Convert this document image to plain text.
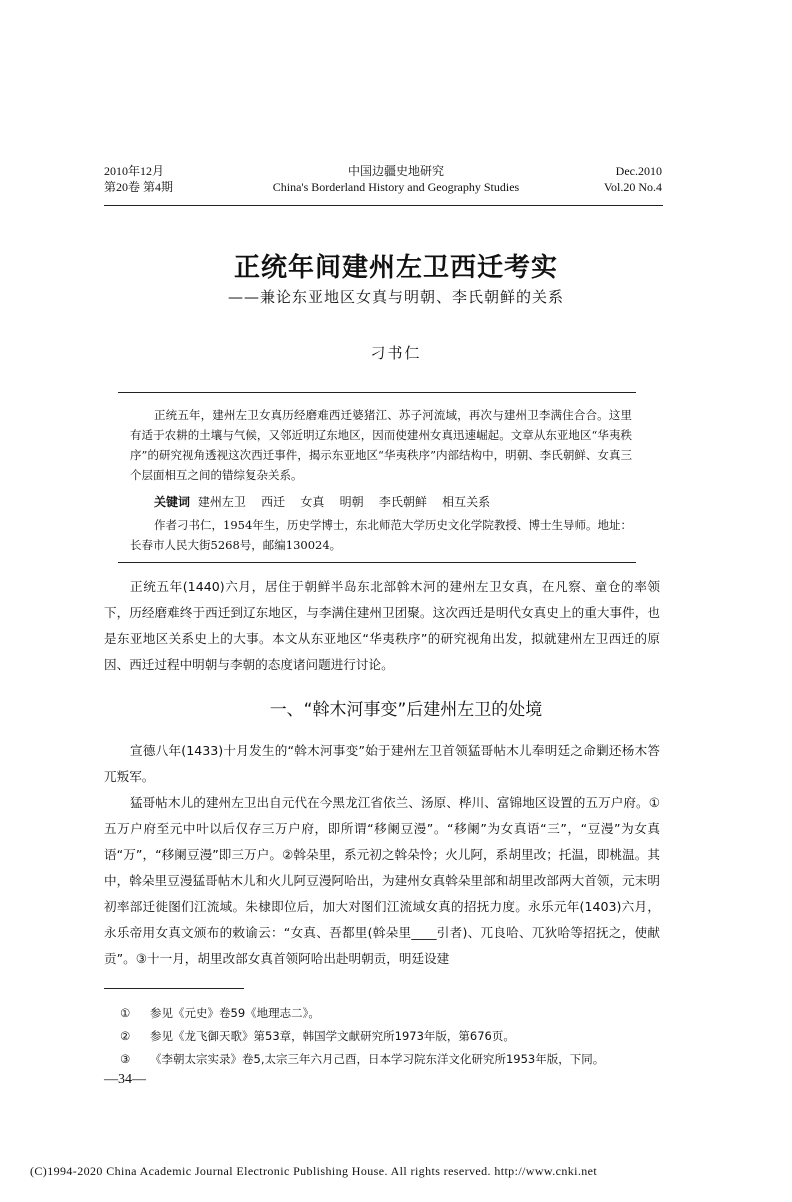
2010年12月
第20卷 第4期
中国边疆史地研究
China's Borderland History and Geography Studies
Dec.2010
Vol.20 No.4
正统年间建州左卫西迁考实
——兼论东亚地区女真与明朝、李氏朝鲜的关系
刁书仁
正统五年，建州左卫女真历经磨难西迁婆猪江、苏子河流域，再次与建州卫李满住合合。这里有适于农耕的土壤与气候，又邻近明辽东地区，因而使建州女真迅速崛起。文章从东亚地区“华夷秩序”的研究视角透视这次西迁事件，揭示东亚地区“华夷秩序”内部结构中，明朝、李氏朝鲜、女真三个层面相互之间的错综复杂关系。
关键词 建州左卫    西迁    女真    明朝    李氏朝鲜    相互关系
作者刁书仁，1954年生，历史学博士，东北师范大学历史文化学院教授、博士生导师。地址：长春市人民大街5268号，邮编130024。

正统五年(1440)六月，居住于朝鲜半岛东北部斡木河的建州左卫女真，在凡察、童仓的率领下，历经磨难终于西迁到辽东地区，与李满住建州卫团聚。这次西迁是明代女真史上的重大事件，也是东亚地区关系史上的大事。本文从东亚地区“华夷秩序”的研究视角出发，拟就建州左卫西迁的原因、西迁过程中明朝与李朝的态度诸问题进行讨论。

一、“斡木河事变”后建州左卫的处境

宣德八年(1433)十月发生的“斡木河事变”始于建州左卫首领猛哥帖木儿奉明廷之命剿还杨木答兀叛军。

猛哥帖木儿的建州左卫出自元代在今黑龙江省依兰、汤原、桦川、富锦地区设置的五万户府。①五万户府至元中叶以后仅存三万户府，即所谓“移阑豆漫”。“移阑”为女真语“三”，“豆漫”为女真语“万”，“移阑豆漫”即三万户。②斡朵里，系元初之斡朵怜；火儿阿，系胡里改；托温，即桃温。其中，斡朵里豆漫猛哥帖木儿和火儿阿豆漫阿哈出，为建州女真斡朵里部和胡里改部两大首领，元末明初率部迁徙图们江流域。朱棣即位后，加大对图们江流域女真的招抚力度。永乐元年(1403)六月，永乐帝用女真文颁布的敕谕云：“女真、吾都里(斡朵里____引者)、兀良哈、兀狄哈等招抚之，使献贡”。③十一月，胡里改部女真首领阿哈出赴明朝贡，明廷设建

① 参见《元史》卷59《地理志二》。
② 参见《龙飞御天歌》第53章，韩国学文献研究所1973年版，第676页。
③ 《李朝太宗实录》卷5,太宗三年六月己酉，日本学习院东洋文化研究所1953年版，下同。
—34—
(C)1994-2020 China Academic Journal Electronic Publishing House. All rights reserved. http://www.cnki.net
